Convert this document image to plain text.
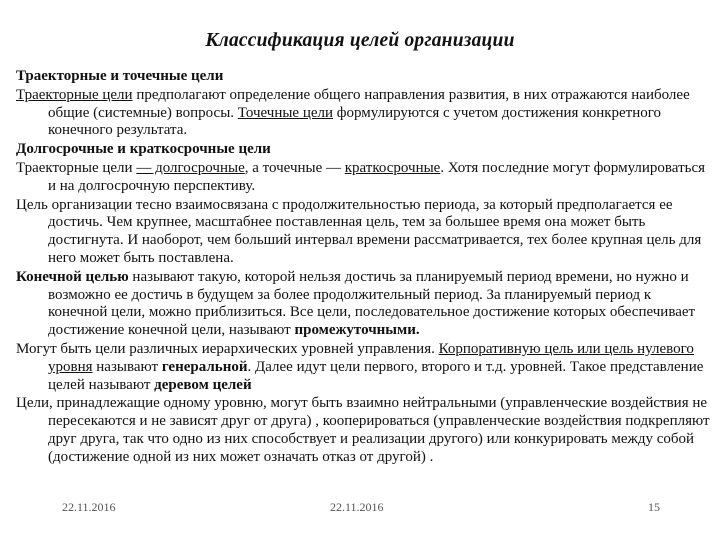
Классификация целей организации

Траекторные и точечные цели

Траекторные цели предполагают определение общего направления развития, в них отражаются наиболее общие (системные) вопросы. Точечные цели формулируются с учетом достижения конкретного конечного результата.

Долгосрочные и краткосрочные цели

Траекторные цели — долгосрочные, а точечные — краткосрочные. Хотя последние могут формулироваться и на долгосрочную перспективу.

Цель организации тесно взаимосвязана с продолжительностью периода, за который предполагается ее достичь. Чем крупнее, масштабнее поставленная цель, тем за большее время она может быть достигнута. И наоборот, чем больший интервал времени рассматривается, тех более крупная цель для него может быть поставлена.

Конечной целью называют такую, которой нельзя достичь за планируемый период времени, но нужно и возможно ее достичь в будущем за более продолжительный период. За планируемый период к конечной цели, можно приблизиться. Все цели, последовательное достижение которых обеспечивает достижение конечной цели, называют промежуточными.

Могут быть цели различных иерархических уровней управления. Корпоративную цель или цель нулевого уровня называют генеральной. Далее идут цели первого, второго и т.д. уровней. Такое представление целей называют деревом целей

Цели, принадлежащие одному уровню, могут быть взаимно нейтральными (управленческие воздействия не пересекаются и не зависят друг от друга) , кооперироваться (управленческие воздействия подкрепляют друг друга, так что одно из них способствует и реализации другого) или конкурировать между собой (достижение одной из них может означать отказ от другой) .

22.11.2016	22.11.2016	15
